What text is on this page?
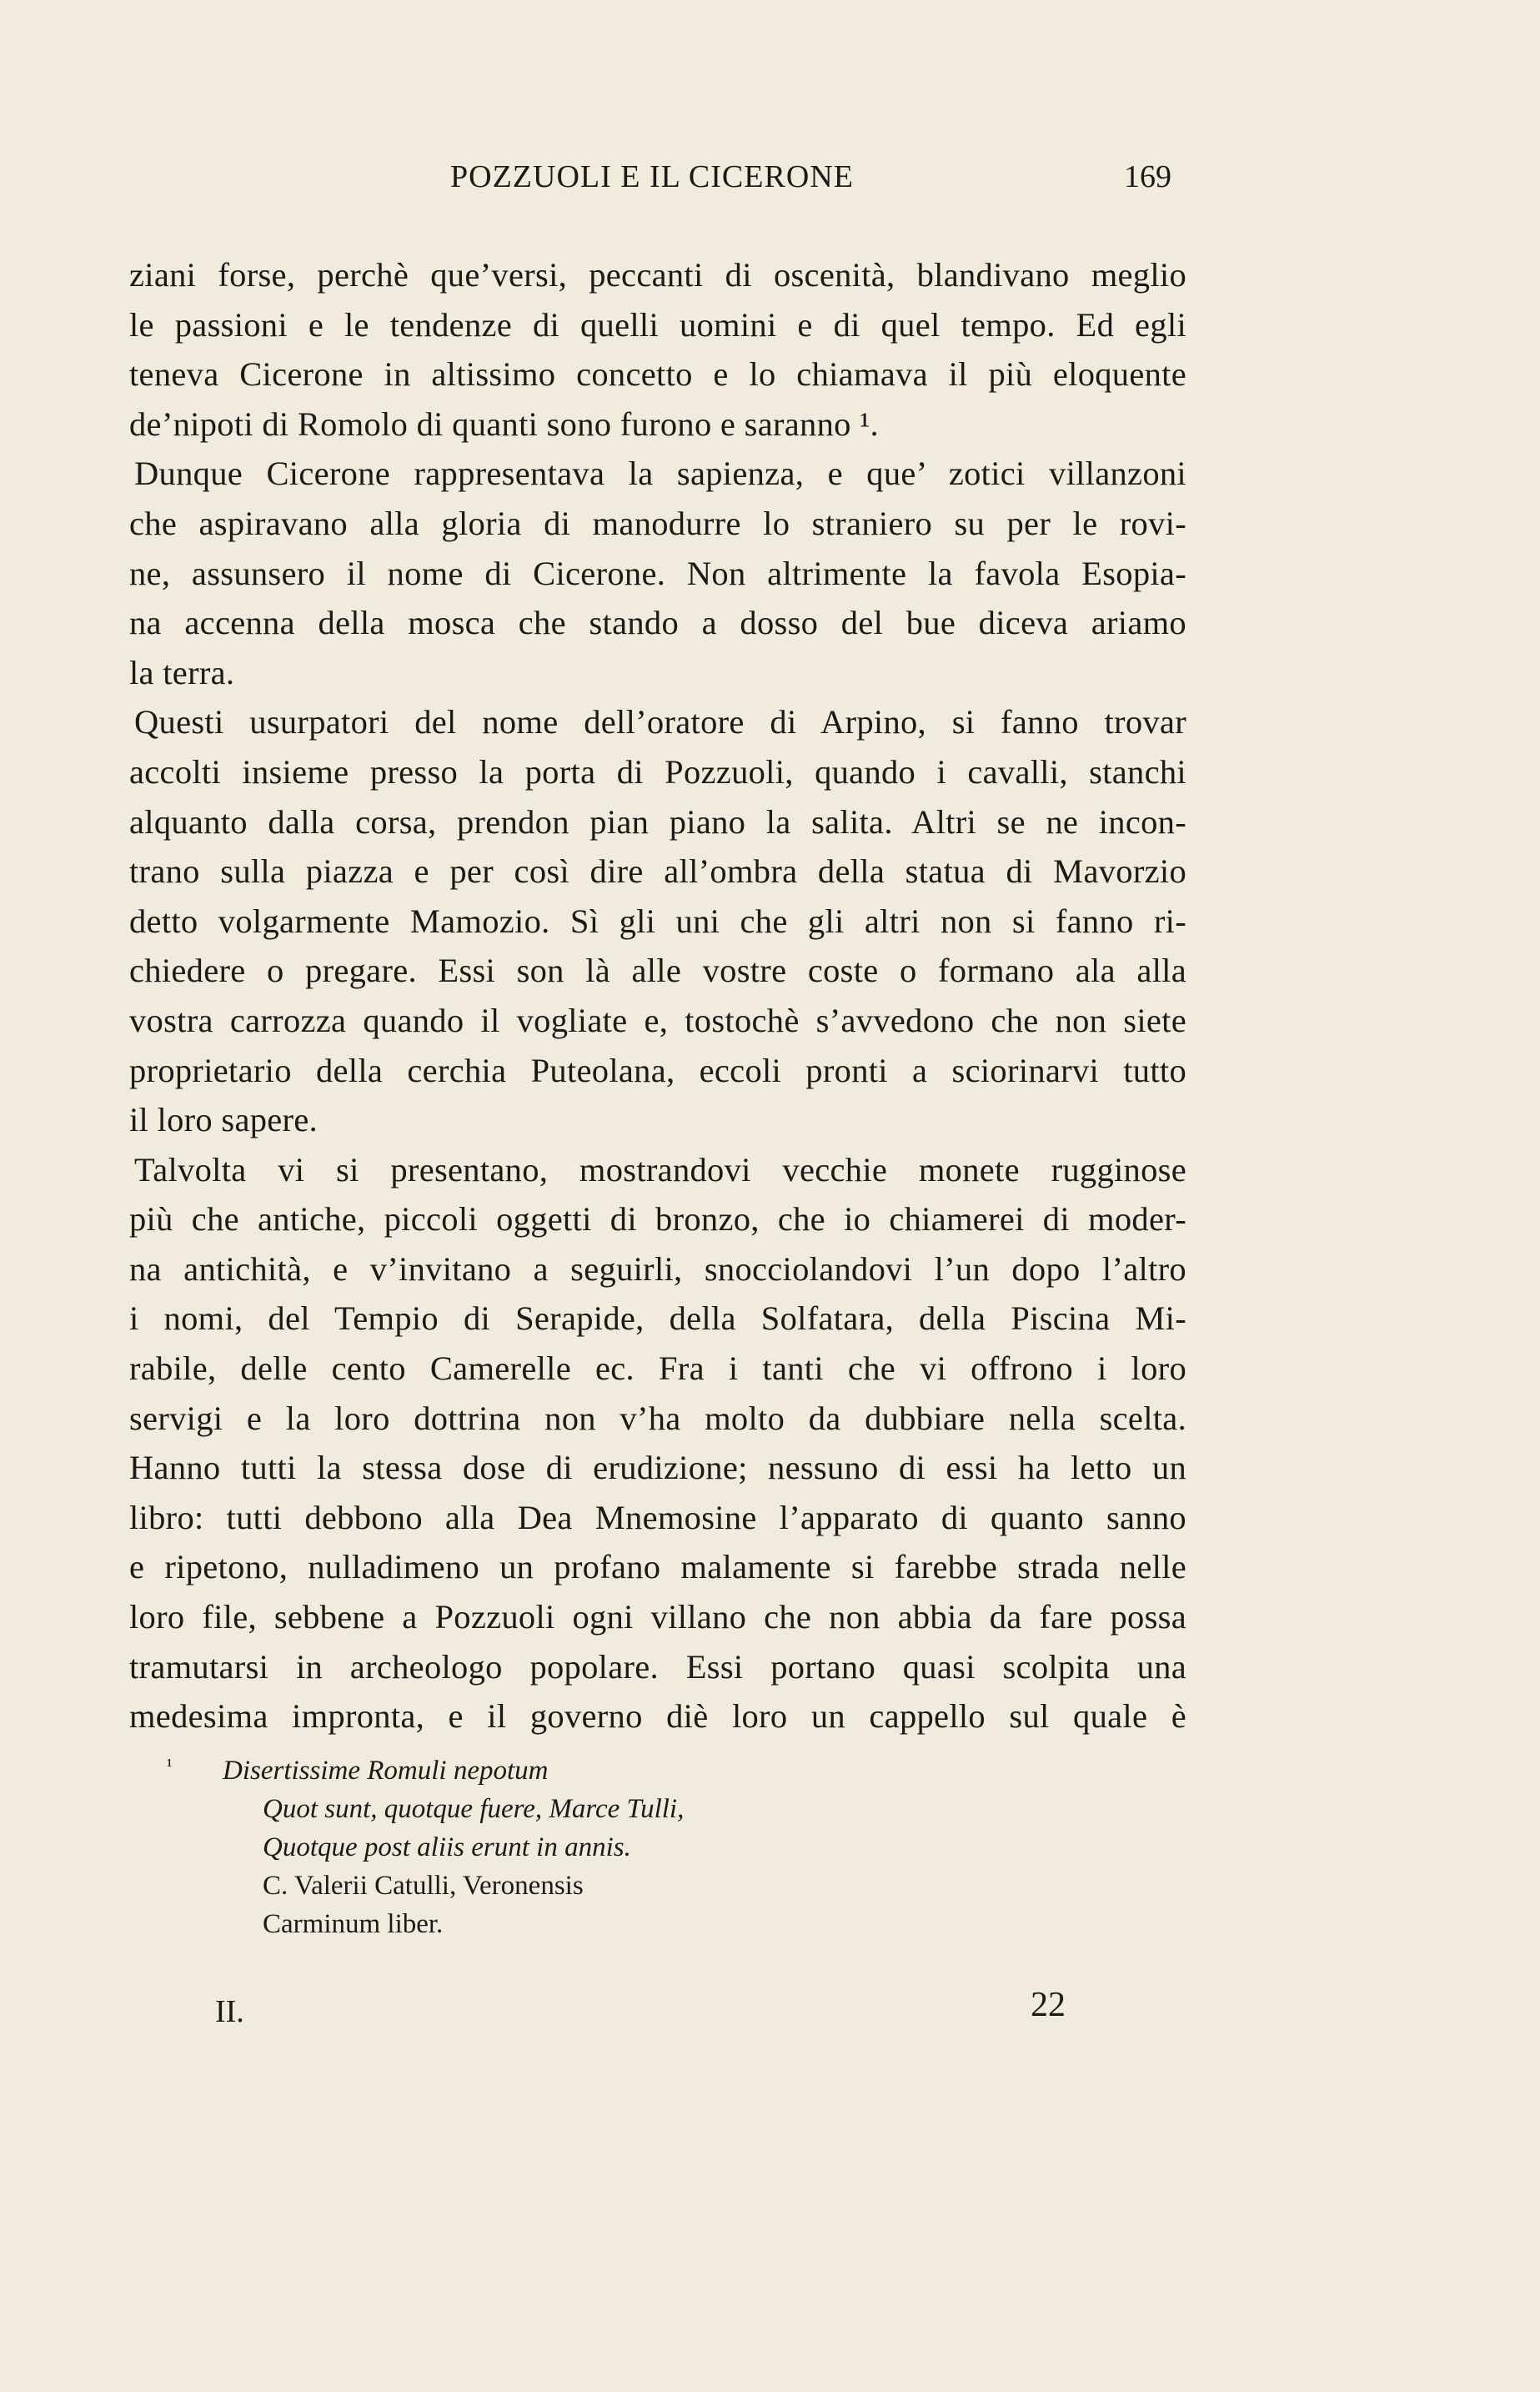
POZZUOLI E IL CICERONE	169
ziani forse, perchè que’versi, peccanti di oscenità, blandivano meglio
le passioni e le tendenze di quelli uomini e di quel tempo. Ed egli
teneva Cicerone in altissimo concetto e lo chiamava il più eloquente
de’nipoti di Romolo di quanti sono furono e saranno ¹.
Dunque Cicerone rappresentava la sapienza, e que’ zotici villanzoni
che aspiravano alla gloria di manodurre lo straniero su per le rovi-
ne, assunsero il nome di Cicerone. Non altrimente la favola Esopia-
na accenna della mosca che stando a dosso del bue diceva ariamo
la terra.
Questi usurpatori del nome dell’oratore di Arpino, si fanno trovar
accolti insieme presso la porta di Pozzuoli, quando i cavalli, stanchi
alquanto dalla corsa, prendon pian piano la salita. Altri se ne incon-
trano sulla piazza e per così dire all’ombra della statua di Mavorzio
detto volgarmente Mamozio. Sì gli uni che gli altri non si fanno ri-
chiedere o pregare. Essi son là alle vostre coste o formano ala alla
vostra carrozza quando il vogliate e, tostochè s’avvedono che non siete
proprietario della cerchia Puteolana, eccoli pronti a sciorinarvi tutto
il loro sapere.
Talvolta vi si presentano, mostrandovi vecchie monete rugginose
più che antiche, piccoli oggetti di bronzo, che io chiamerei di moder-
na antichità, e v’invitano a seguirli, snocciolandovi l’un dopo l’altro
i nomi, del Tempio di Serapide, della Solfatara, della Piscina Mi-
rabile, delle cento Camerelle ec. Fra i tanti che vi offrono i loro
servigi e la loro dottrina non v’ha molto da dubbiare nella scelta.
Hanno tutti la stessa dose di erudizione; nessuno di essi ha letto un
libro: tutti debbono alla Dea Mnemosine l’apparato di quanto sanno
e ripetono, nulladimeno un profano malamente si farebbe strada nelle
loro file, sebbene a Pozzuoli ogni villano che non abbia da fare possa
tramutarsi in archeologo popolare. Essi portano quasi scolpita una
medesima impronta, e il governo diè loro un cappello sul quale è
¹	Disertissime Romuli nepotum
Quot sunt, quotque fuere, Marce Tulli,
Quotque post aliis erunt in annis.
C. Valerii Catulli, Veronensis
Carminum liber.
II.	22
